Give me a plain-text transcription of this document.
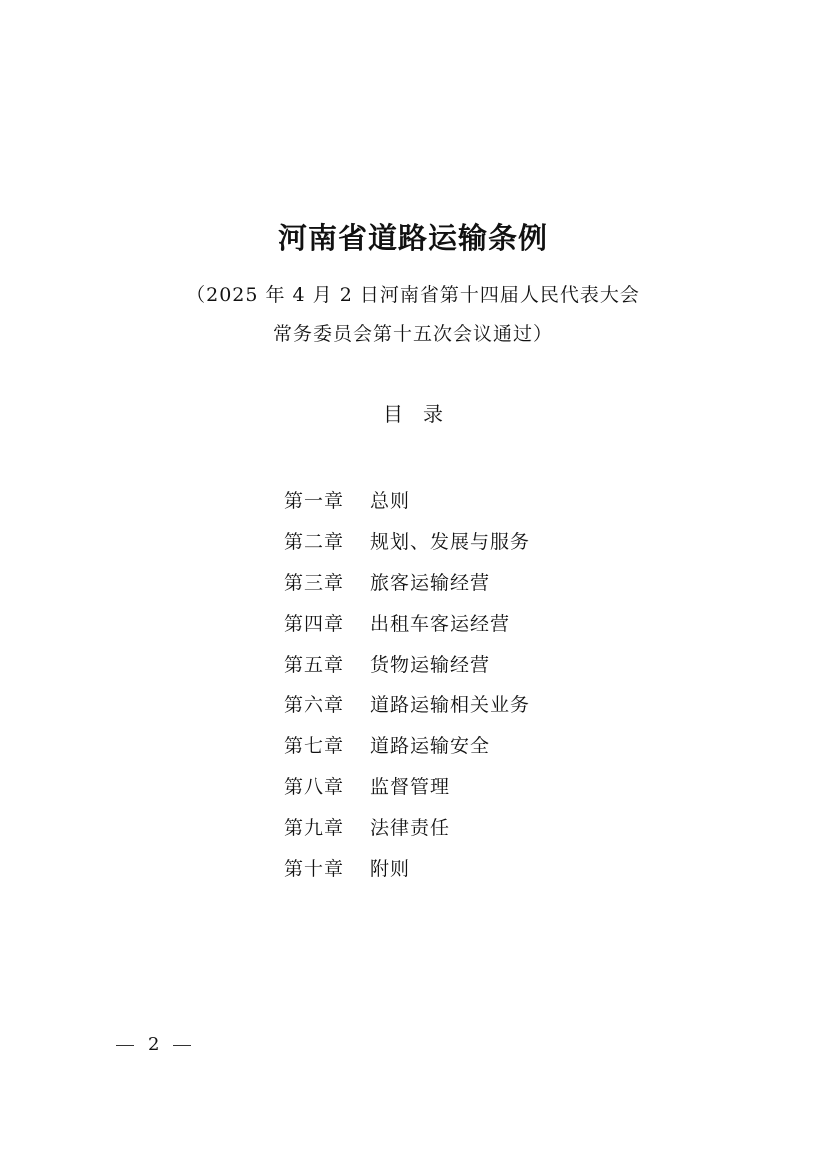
河南省道路运输条例
（2025 年 4 月 2 日河南省第十四届人民代表大会
常务委员会第十五次会议通过）
目录
第一章	总则
第二章	规划、发展与服务
第三章	旅客运输经营
第四章	出租车客运经营
第五章	货物运输经营
第六章	道路运输相关业务
第七章	道路运输安全
第八章	监督管理
第九章	法律责任
第十章	附则
2
